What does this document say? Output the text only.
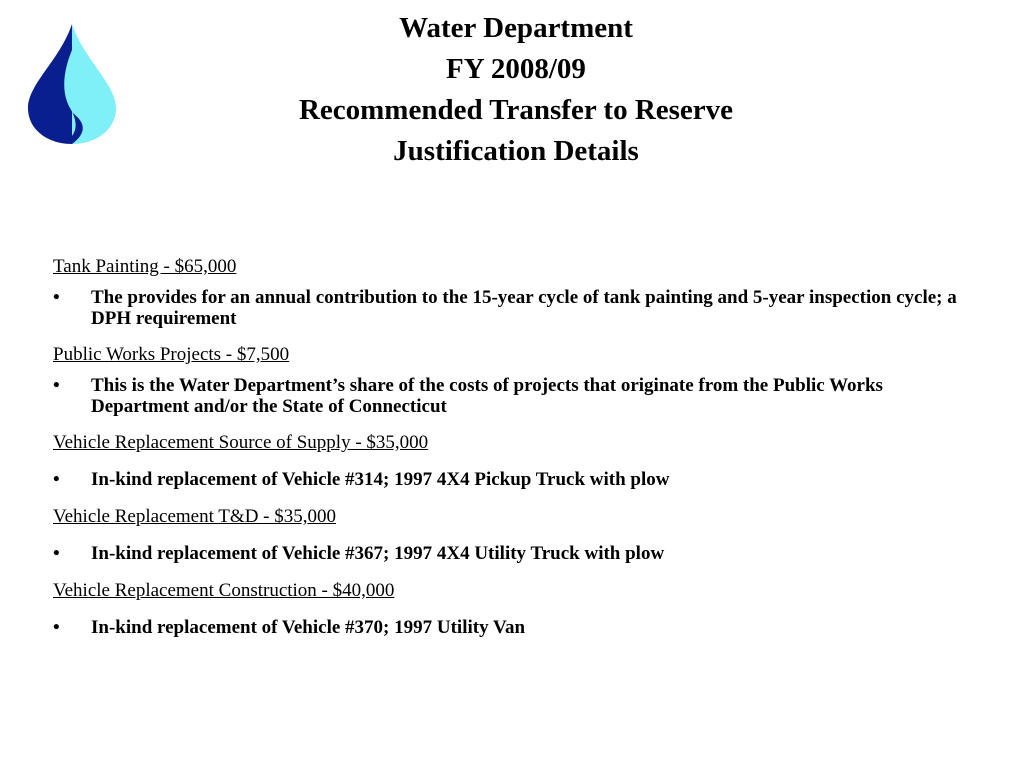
Water Department
FY 2008/09
Recommended Transfer to Reserve
Justification Details

Tank Painting - $65,000

•	The provides for an annual contribution to the 15-year cycle of tank painting and 5-year inspection cycle; a DPH requirement

Public Works Projects - $7,500

•	This is the Water Department’s share of the costs of projects that originate from the Public Works Department and/or the State of Connecticut

Vehicle Replacement Source of Supply - $35,000

•	In-kind replacement of Vehicle #314; 1997 4X4 Pickup Truck with plow

Vehicle Replacement T&D - $35,000

•	In-kind replacement of Vehicle #367; 1997 4X4 Utility Truck with plow

Vehicle Replacement Construction - $40,000

•	In-kind replacement of Vehicle #370; 1997 Utility Van
